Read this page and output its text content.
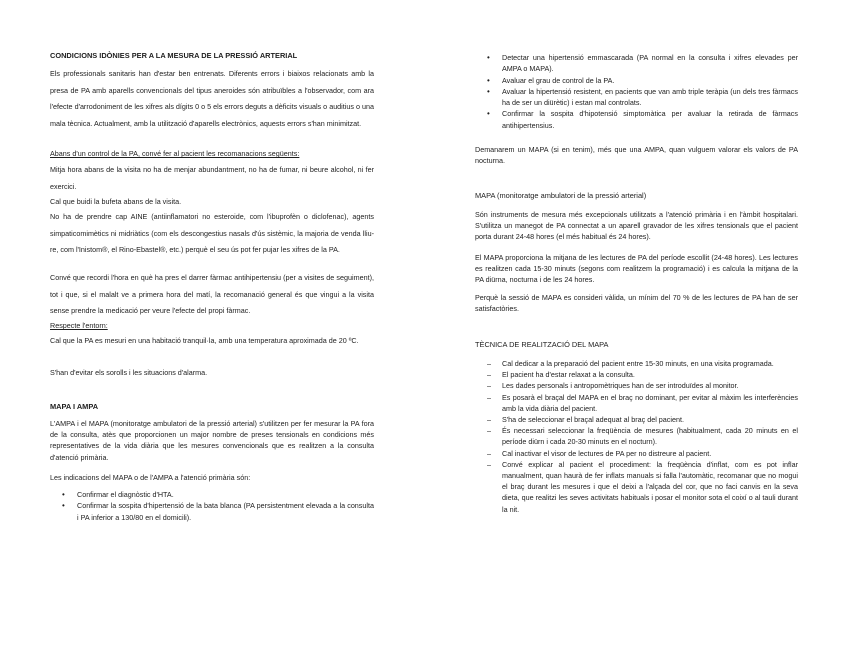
CONDICIONS IDÒNIES PER A LA MESURA DE LA PRESSIÓ ARTERIAL

Els professionals sanitaris han d'estar ben entrenats. Diferents errors i biaixos relacionats amb la presa de PA amb aparells convencionals del tipus aneroides són atribuïbles a l'observador, com ara l'efecte d'arrodoniment de les xifres als dígits 0 o 5 els errors deguts a dèficits visuals o auditius o una mala tècnica. Actualment, amb la utilització d'aparells electrònics, aquests errors s'han minimitzat.

Abans d'un control de la PA, convé fer al pacient les recomanacions següents:

Mitja hora abans de la visita no ha de menjar abundantment, no ha de fumar, ni beure alcohol, ni fer exercici.

Cal que buidi la bufeta abans de la visita.

No ha de prendre cap AINE (antiinflamatori no esteroide, com l'ibuprofèn o diclofenac), agents simpaticomimètics ni midriàtics (com els descongestius nasals d'ús sistèmic, la majoria de venda lliu- re, com l'Inistom®, el Rino-Ebastel®, etc.) perquè el seu ús pot fer pujar les xifres de la PA.

Convé que recordi l'hora en què ha pres el darrer fàrmac antihipertensiu (per a visites de seguiment), tot i que, si el malalt ve a primera hora del matí, la recomanació general és que vingui a la visita sense prendre la medicació per veure l'efecte del propi fàrmac.

Respecte l'entorn:

Cal que la PA es mesuri en una habitació tranquil·la, amb una temperatura aproximada de 20 ºC.

S'han d'evitar els sorolls i les situacions d'alarma.

MAPA I AMPA

L'AMPA i el MAPA (monitoratge ambulatori de la pressió arterial) s'utilitzen per fer mesurar la PA fora de la consulta, atès que proporcionen un major nombre de preses tensionals en condicions més representatives de la vida diària que les mesures convencionals que es realitzen a la consulta d'atenció primària.

Les indicacions del MAPA o de l'AMPA a l'atenció primària són:

• Confirmar el diagnòstic d'HTA.
• Confirmar la sospita d'hipertensió de la bata blanca (PA persistentment elevada a la consulta i PA inferior a 130/80 en el domicili).
• Detectar una hipertensió emmascarada (PA normal en la consulta i xifres elevades per AMPA o MAPA).
• Avaluar el grau de control de la PA.
• Avaluar la hipertensió resistent, en pacients que van amb triple teràpia (un dels tres fàrmacs ha de ser un diürètic) i estan mal controlats.
• Confirmar la sospita d'hipotensió simptomàtica per avaluar la retirada de fàrmacs antihipertensius.

Demanarem un MAPA (si en tenim), més que una AMPA, quan vulguem valorar els valors de PA nocturna.

MAPA (monitoratge ambulatori de la pressió arterial)

Són instruments de mesura més excepcionals utilitzats a l'atenció primària i en l'àmbit hospitalari. S'utilitza un manegot de PA connectat a un aparell gravador de les xifres tensionals que el pacient porta durant 24-48 hores (el més habitual és 24 hores).

El MAPA proporciona la mitjana de les lectures de PA del període escollit (24-48 hores). Les lectures es realitzen cada 15-30 minuts (segons com realitzem la programació) i es calcula la mitjana de la PA diürna, nocturna i de les 24 hores.

Perquè la sessió de MAPA es consideri vàlida, un mínim del 70 % de les lectures de PA han de ser satisfactòries.

TÈCNICA DE REALITZACIÓ DEL MAPA
– Cal dedicar a la preparació del pacient entre 15-30 minuts, en una visita programada.
– El pacient ha d'estar relaxat a la consulta.
– Les dades personals i antropomètriques han de ser introduïdes al monitor.
– Es posarà el braçal del MAPA en el braç no dominant, per evitar al màxim les interferències amb la vida diària del pacient.
– S'ha de seleccionar el braçal adequat al braç del pacient.
– És necessari seleccionar la freqüència de mesures (habitualment, cada 20 minuts en el període diürn i cada 20-30 minuts en el nocturn).
– Cal inactivar el visor de lectures de PA per no distreure al pacient.
– Convé explicar al pacient el procediment: la freqüència d'inflat, com es pot inflar manualment, quan haurà de fer inflats manuals si falla l'automàtic, recomanar que no mogui el braç durant les mesures i que el deixi a l'alçada del cor, que no faci canvis en la seva dieta, que realitzi les seves activitats habituals i posar el monitor sota el coixí o al tauli durant la nit.
